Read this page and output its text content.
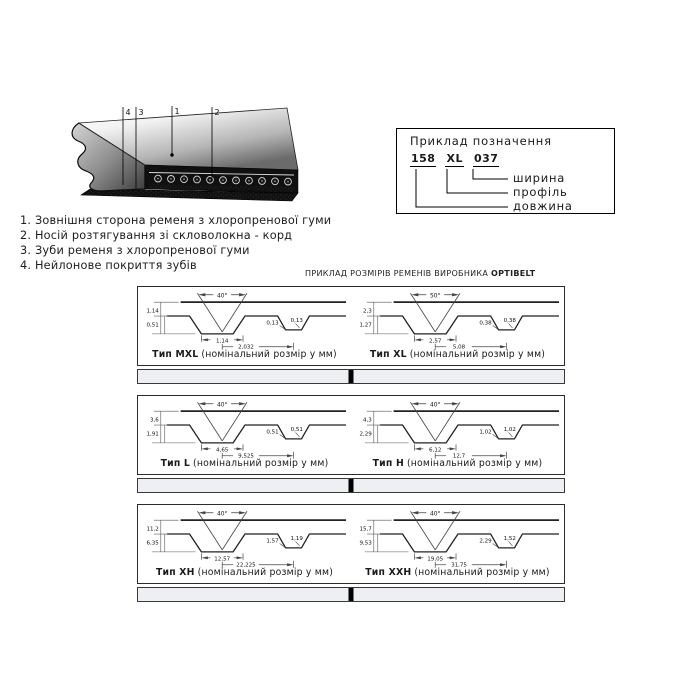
4 3	1	2
Приклад позначення
158 XL 037
ширина
профіль
довжина
1. Зовнішня сторона ременя з хлоропренової гуми
2. Носій розтягування зі скловолокна - корд
3. Зуби ременя з хлоропренової гуми
4. Нейлонове покриття зубів
ПРИКЛАД РОЗМІРІВ РЕМЕНІВ ВИРОБНИКА OPTIBELT
40°
1,14
0,51
1,14
2,032
0,13 0,13
Тип MXL (номінальний розмір у мм)
50°
2,3
1,27
2,57
5,08
0,38 0,38
Тип XL (номінальний розмір у мм)
40°
3,6
1,91
4,65
9,525
0,51 0,51
Тип L (номінальний розмір у мм)
40°
4,3
2,29
6,12
12,7
1,02 1,02
Тип H (номінальний розмір у мм)
40°
11,2
6,35
12,57
22,225
1,57 1,19
Тип XH (номінальний розмір у мм)
40°
15,7
9,53
19,05
31,75
2,29 1,52
Тип XXH (номінальний розмір у мм)
